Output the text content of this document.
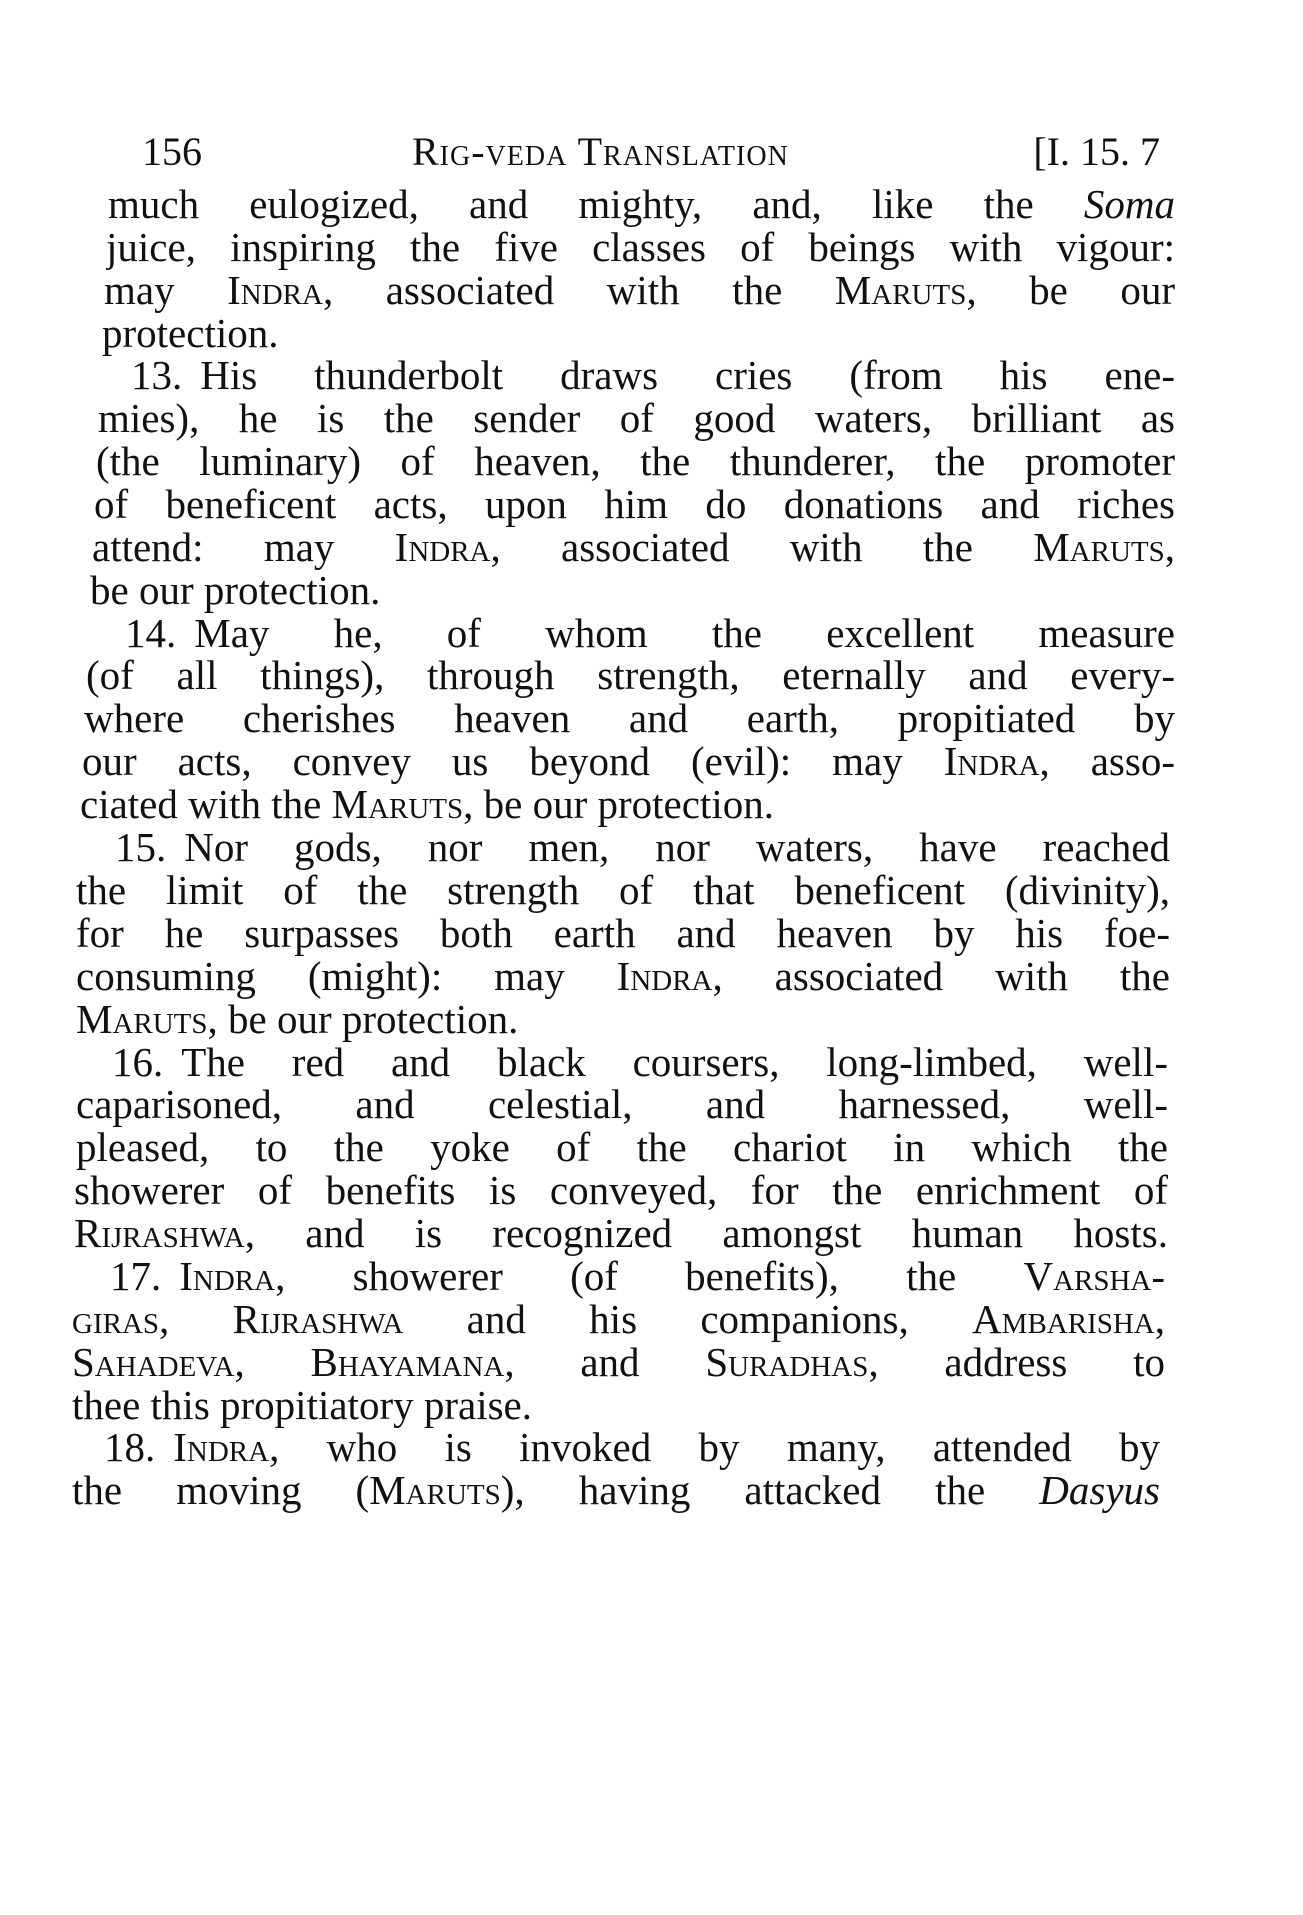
156	Rig-veda Translation	[I. 15. 7
much eulogized, and mighty, and, like the Soma
juice, inspiring the five classes of beings with vigour:
may Indra, associated with the Maruts, be our
protection.
13. His thunderbolt draws cries (from his ene-
mies), he is the sender of good waters, brilliant as
(the luminary) of heaven, the thunderer, the promoter
of beneficent acts, upon him do donations and riches
attend: may Indra, associated with the Maruts,
be our protection.
14. May he, of whom the excellent measure
(of all things), through strength, eternally and every-
where cherishes heaven and earth, propitiated by
our acts, convey us beyond (evil): may Indra, asso-
ciated with the Maruts, be our protection.
15. Nor gods, nor men, nor waters, have reached
the limit of the strength of that beneficent (divinity),
for he surpasses both earth and heaven by his foe-
consuming (might): may Indra, associated with the
Maruts, be our protection.
16. The red and black coursers, long-limbed, well-
caparisoned, and celestial, and harnessed, well-
pleased, to the yoke of the chariot in which the
showerer of benefits is conveyed, for the enrichment of
Rijrashwa, and is recognized amongst human hosts.
17. Indra, showerer (of benefits), the Varsha-
giras, Rijrashwa and his companions, Ambarisha,
Sahadeva, Bhayamana, and Suradhas, address to
thee this propitiatory praise.
18. Indra, who is invoked by many, attended by
the moving (Maruts), having attacked the Dasyus
